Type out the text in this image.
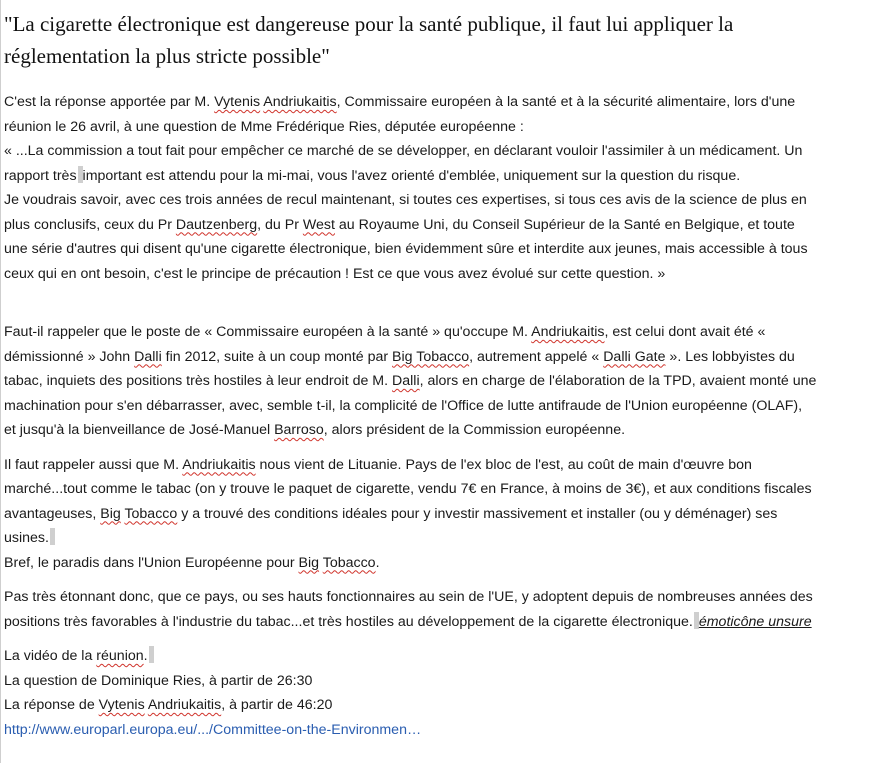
"La cigarette électronique est dangereuse pour la santé publique, il faut lui appliquer la

réglementation la plus stricte possible"

C'est la réponse apportée par M. Vytenis Andriukaitis, Commissaire européen à la santé et à la sécurité alimentaire, lors d'une

réunion le 26 avril, à une question de Mme Frédérique Ries, députée européenne :

« ...La commission a tout fait pour empêcher ce marché de se développer, en déclarant vouloir l'assimiler à un médicament. Un

rapport très important est attendu pour la mi-mai, vous l'avez orienté d'emblée, uniquement sur la question du risque.

Je voudrais savoir, avec ces trois années de recul maintenant, si toutes ces expertises, si tous ces avis de la science de plus en

plus conclusifs, ceux du Pr Dautzenberg, du Pr West au Royaume Uni, du Conseil Supérieur de la Santé en Belgique, et toute

une série d'autres qui disent qu'une cigarette électronique, bien évidemment sûre et interdite aux jeunes, mais accessible à tous

ceux qui en ont besoin, c'est le principe de précaution ! Est ce que vous avez évolué sur cette question. »

Faut-il rappeler que le poste de « Commissaire européen à la santé » qu'occupe M. Andriukaitis, est celui dont avait été «

démissionné » John Dalli fin 2012, suite à un coup monté par Big Tobacco, autrement appelé « Dalli Gate ». Les lobbyistes du

tabac, inquiets des positions très hostiles à leur endroit de M. Dalli, alors en charge de l'élaboration de la TPD, avaient monté une

machination pour s'en débarrasser, avec, semble t-il, la complicité de l'Office de lutte antifraude de l'Union européenne (OLAF),

et jusqu'à la bienveillance de José-Manuel Barroso, alors président de la Commission européenne.

Il faut rappeler aussi que M. Andriukaitis nous vient de Lituanie. Pays de l'ex bloc de l'est, au coût de main d'œuvre bon

marché...tout comme le tabac (on y trouve le paquet de cigarette, vendu 7€ en France, à moins de 3€), et aux conditions fiscales

avantageuses, Big Tobacco y a trouvé des conditions idéales pour y investir massivement et installer (ou y déménager) ses

usines.

Bref, le paradis dans l'Union Européenne pour Big Tobacco.

Pas très étonnant donc, que ce pays, ou ses hauts fonctionnaires au sein de l'UE, y adoptent depuis de nombreuses années des

positions très favorables à l'industrie du tabac...et très hostiles au développement de la cigarette électronique. émoticône unsure

La vidéo de la réunion.

La question de Dominique Ries, à partir de 26:30

La réponse de Vytenis Andriukaitis, à partir de 46:20

http://www.europarl.europa.eu/.../Committee-on-the-Environmen…
